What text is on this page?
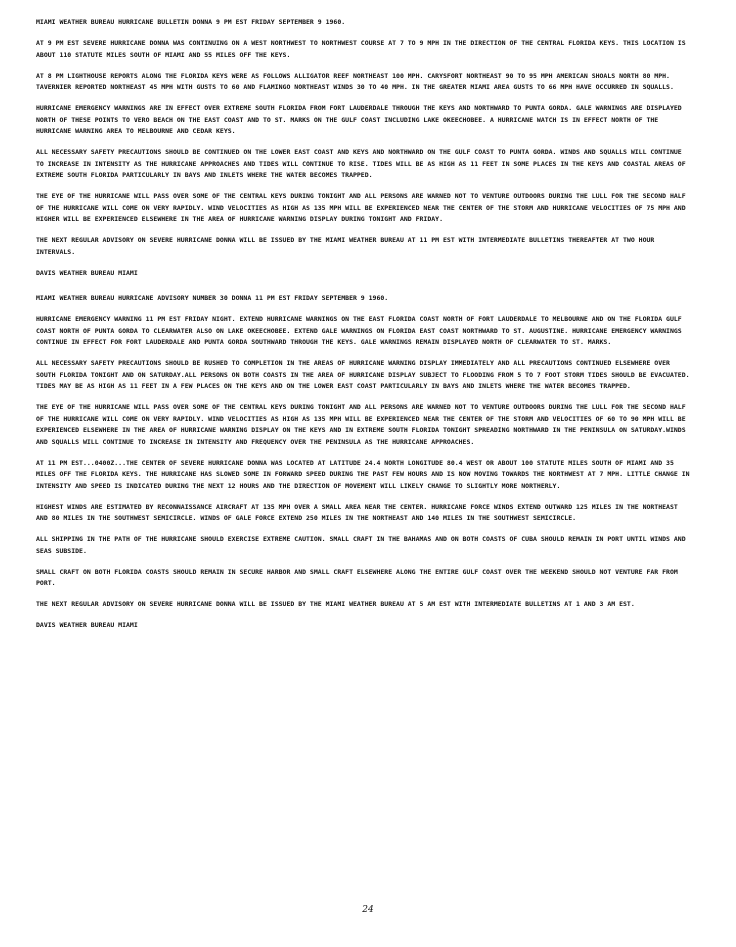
MIAMI WEATHER BUREAU HURRICANE BULLETIN DONNA 9 PM EST FRIDAY SEPTEMBER 9 1960.

AT 9 PM EST SEVERE HURRICANE DONNA WAS CONTINUING ON A WEST NORTHWEST TO NORTHWEST COURSE AT 7 TO 9 MPH IN THE DIRECTION OF THE CENTRAL FLORIDA KEYS. THIS LOCATION IS ABOUT 110 STATUTE MILES SOUTH OF MIAMI AND 55 MILES OFF THE KEYS.

AT 8 PM LIGHTHOUSE REPORTS ALONG THE FLORIDA KEYS WERE AS FOLLOWS ALLIGATOR REEF NORTHEAST 100 MPH. CARYSFORT NORTHEAST 90 TO 95 MPH AMERICAN SHOALS NORTH 80 MPH. TAVERNIER REPORTED NORTHEAST 45 MPH WITH GUSTS TO 60 AND FLAMINGO NORTHEAST WINDS 30 TO 40 MPH. IN THE GREATER MIAMI AREA GUSTS TO 66 MPH HAVE OCCURRED IN SQUALLS.

HURRICANE EMERGENCY WARNINGS ARE IN EFFECT OVER EXTREME SOUTH FLORIDA FROM FORT LAUDERDALE THROUGH THE KEYS AND NORTHWARD TO PUNTA GORDA. GALE WARNINGS ARE DISPLAYED NORTH OF THESE POINTS TO VERO BEACH ON THE EAST COAST AND TO ST. MARKS ON THE GULF COAST INCLUDING LAKE OKEECHOBEE. A HURRICANE WATCH IS IN EFFECT NORTH OF THE HURRICANE WARNING AREA TO MELBOURNE AND CEDAR KEYS.

ALL NECESSARY SAFETY PRECAUTIONS SHOULD BE CONTINUED ON THE LOWER EAST COAST AND KEYS AND NORTHWARD ON THE GULF COAST TO PUNTA GORDA. WINDS AND SQUALLS WILL CONTINUE TO INCREASE IN INTENSITY AS THE HURRICANE APPROACHES AND TIDES WILL CONTINUE TO RISE. TIDES WILL BE AS HIGH AS 11 FEET IN SOME PLACES IN THE KEYS AND COASTAL AREAS OF EXTREME SOUTH FLORIDA PARTICULARLY IN BAYS AND INLETS WHERE THE WATER BECOMES TRAPPED.

THE EYE OF THE HURRICANE WILL PASS OVER SOME OF THE CENTRAL KEYS DURING TONIGHT AND ALL PERSONS ARE WARNED NOT TO VENTURE OUTDOORS DURING THE LULL FOR THE SECOND HALF OF THE HURRICANE WILL COME ON VERY RAPIDLY. WIND VELOCITIES AS HIGH AS 135 MPH WILL BE EXPERIENCED NEAR THE CENTER OF THE STORM AND HURRICANE VELOCITIES OF 75 MPH AND HIGHER WILL BE EXPERIENCED ELSEWHERE IN THE AREA OF HURRICANE WARNING DISPLAY DURING TONIGHT AND FRIDAY.

THE NEXT REGULAR ADVISORY ON SEVERE HURRICANE DONNA WILL BE ISSUED BY THE MIAMI WEATHER BUREAU AT 11 PM EST WITH INTERMEDIATE BULLETINS THEREAFTER AT TWO HOUR INTERVALS.

DAVIS WEATHER BUREAU MIAMI

MIAMI WEATHER BUREAU HURRICANE ADVISORY NUMBER 30 DONNA 11 PM EST FRIDAY SEPTEMBER 9 1960.

HURRICANE EMERGENCY WARNING 11 PM EST FRIDAY NIGHT. EXTEND HURRICANE WARNINGS ON THE EAST FLORIDA COAST NORTH OF FORT LAUDERDALE TO MELBOURNE AND ON THE FLORIDA GULF COAST NORTH OF PUNTA GORDA TO CLEARWATER ALSO ON LAKE OKEECHOBEE. EXTEND GALE WARNINGS ON FLORIDA EAST COAST NORTHWARD TO ST. AUGUSTINE. HURRICANE EMERGENCY WARNINGS CONTINUE IN EFFECT FOR FORT LAUDERDALE AND PUNTA GORDA SOUTHWARD THROUGH THE KEYS. GALE WARNINGS REMAIN DISPLAYED NORTH OF CLEARWATER TO ST. MARKS.

ALL NECESSARY SAFETY PRECAUTIONS SHOULD BE RUSHED TO COMPLETION IN THE AREAS OF HURRICANE WARNING DISPLAY IMMEDIATELY AND ALL PRECAUTIONS CONTINUED ELSEWHERE OVER SOUTH FLORIDA TONIGHT AND ON SATURDAY.ALL PERSONS ON BOTH COASTS IN THE AREA OF HURRICANE DISPLAY SUBJECT TO FLOODING FROM 5 TO 7 FOOT STORM TIDES SHOULD BE EVACUATED. TIDES MAY BE AS HIGH AS 11 FEET IN A FEW PLACES ON THE KEYS AND ON THE LOWER EAST COAST PARTICULARLY IN BAYS AND INLETS WHERE THE WATER BECOMES TRAPPED.

THE EYE OF THE HURRICANE WILL PASS OVER SOME OF THE CENTRAL KEYS DURING TONIGHT AND ALL PERSONS ARE WARNED NOT TO VENTURE OUTDOORS DURING THE LULL FOR THE SECOND HALF OF THE HURRICANE WILL COME ON VERY RAPIDLY. WIND VELOCITIES AS HIGH AS 135 MPH WILL BE EXPERIENCED NEAR THE CENTER OF THE STORM AND VELOCITIES OF 60 TO 90 MPH WILL BE EXPERIENCED ELSEWHERE IN THE AREA OF HURRICANE WARNING DISPLAY ON THE KEYS AND IN EXTREME SOUTH FLORIDA TONIGHT SPREADING NORTHWARD IN THE PENINSULA ON SATURDAY.WINDS AND SQUALLS WILL CONTINUE TO INCREASE IN INTENSITY AND FREQUENCY OVER THE PENINSULA AS THE HURRICANE APPROACHES.

AT 11 PM EST...0400Z...THE CENTER OF SEVERE HURRICANE DONNA WAS LOCATED AT LATITUDE 24.4 NORTH LONGITUDE 80.4 WEST OR ABOUT 100 STATUTE MILES SOUTH OF MIAMI AND 35 MILES OFF THE FLORIDA KEYS. THE HURRICANE HAS SLOWED SOME IN FORWARD SPEED DURING THE PAST FEW HOURS AND IS NOW MOVING TOWARDS THE NORTHWEST AT 7 MPH. LITTLE CHANGE IN INTENSITY AND SPEED IS INDICATED DURING THE NEXT 12 HOURS AND THE DIRECTION OF MOVEMENT WILL LIKELY CHANGE TO SLIGHTLY MORE NORTHERLY.

HIGHEST WINDS ARE ESTIMATED BY RECONNAISSANCE AIRCRAFT AT 135 MPH OVER A SMALL AREA NEAR THE CENTER. HURRICANE FORCE WINDS EXTEND OUTWARD 125 MILES IN THE NORTHEAST AND 80 MILES IN THE SOUTHWEST SEMICIRCLE. WINDS OF GALE FORCE EXTEND 250 MILES IN THE NORTHEAST AND 140 MILES IN THE SOUTHWEST SEMICIRCLE.

ALL SHIPPING IN THE PATH OF THE HURRICANE SHOULD EXERCISE EXTREME CAUTION. SMALL CRAFT IN THE BAHAMAS AND ON BOTH COASTS OF CUBA SHOULD REMAIN IN PORT UNTIL WINDS AND SEAS SUBSIDE.

SMALL CRAFT ON BOTH FLORIDA COASTS SHOULD REMAIN IN SECURE HARBOR AND SMALL CRAFT ELSEWHERE ALONG THE ENTIRE GULF COAST OVER THE WEEKEND SHOULD NOT VENTURE FAR FROM PORT.

THE NEXT REGULAR ADVISORY ON SEVERE HURRICANE DONNA WILL BE ISSUED BY THE MIAMI WEATHER BUREAU AT 5 AM EST WITH INTERMEDIATE BULLETINS AT 1 AND 3 AM EST.

DAVIS WEATHER BUREAU MIAMI

24
